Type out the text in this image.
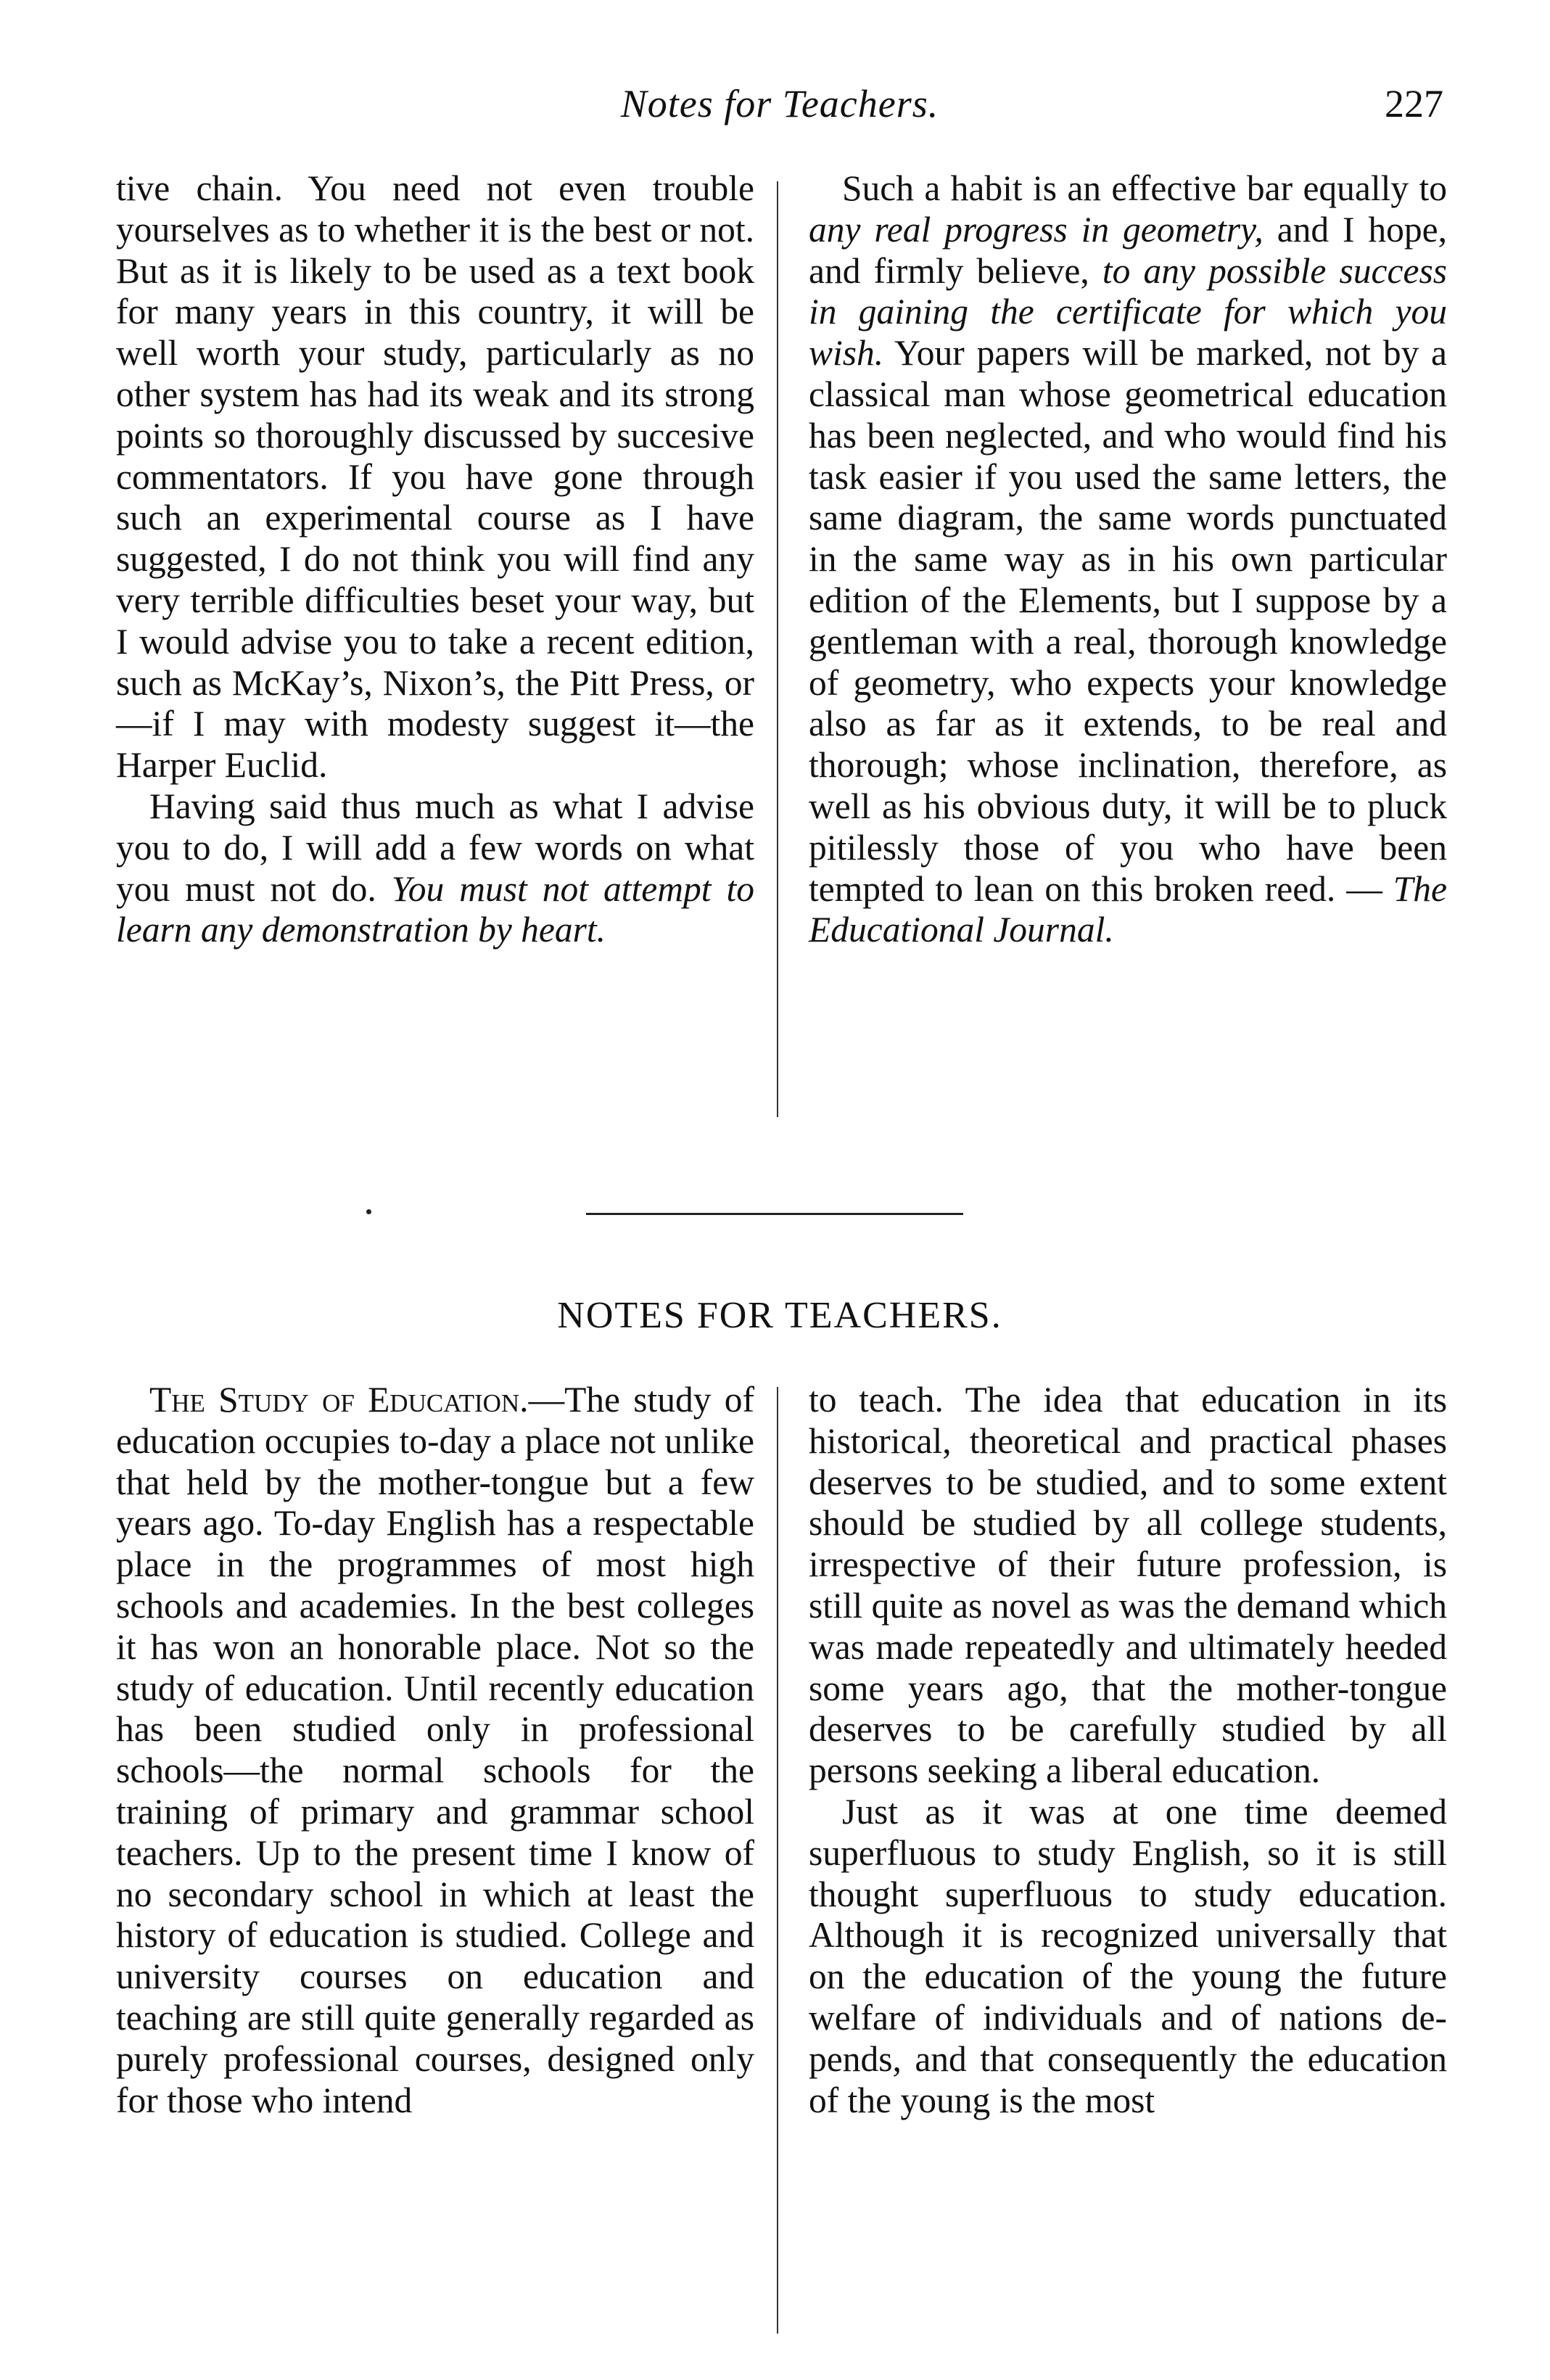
Notes for Teachers.	227

tive chain. You need not even trouble yourselves as to whether it is the best or not. But as it is likely to be used as a text book for many years in this country, it will be well worth your study, particularly as no other system has had its weak and its strong points so thoroughly discussed by succesive commentators. If you have gone through such an experimental course as I have suggested, I do not think you will find any very terrible difficulties beset your way, but I would advise you to take a recent edition, such as McKay’s, Nixon’s, the Pitt Press, or—if I may with modesty suggest it—the Harper Euclid.

Having said thus much as what I advise you to do, I will add a few words on what you must not do. You must not attempt to learn any demonstration by heart.

Such a habit is an effective bar equally to any real progress in geometry, and I hope, and firmly believe, to any possible success in gaining the certificate for which you wish. Your papers will be marked, not by a classical man whose geometrical education has been neglected, and who would find his task easier if you used the same letters, the same diagram, the same words punctuated in the same way as in his own particular edition of the Elements, but I suppose by a gentleman with a real, thorough knowledge of geometry, who expects your knowledge also as far as it extends, to be real and thorough; whose inclination, therefore, as well as his obvious duty, it will be to pluck pitilessly those of you who have been tempted to lean on this broken reed. — The Educational Journal.

NOTES FOR TEACHERS.

The Study of Education.—The study of education occupies to-day a place not unlike that held by the mother-tongue but a few years ago. To-day English has a respectable place in the programmes of most high schools and academies. In the best colleges it has won an honorable place. Not so the study of education. Until recently education has been studied only in professional schools—the normal schools for the training of primary and grammar school teachers. Up to the present time I know of no secondary school in which at least the history of education is studied. College and university courses on education and teaching are still quite generally regarded as purely professional courses, designed only for those who intend

to teach. The idea that education in its historical, theoretical and practical phases deserves to be studied, and to some extent should be studied by all college students, irrespective of their future profession, is still quite as novel as was the demand which was made repeatedly and ultimately heeded some years ago, that the mother-tongue deserves to be carefully studied by all persons seeking a liberal education.

Just as it was at one time deemed superfluous to study English, so it is still thought superfluous to study education. Although it is recognized universally that on the education of the young the future welfare of individuals and of nations depends, and that consequently the education of the young is the most
